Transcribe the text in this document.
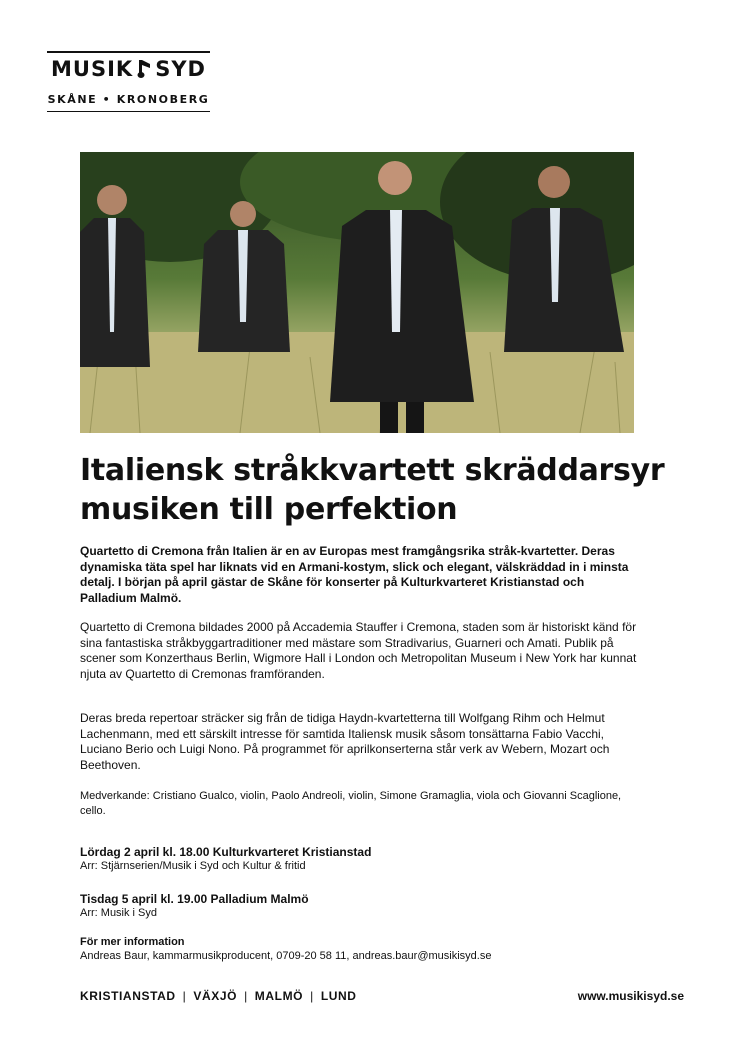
MUSIK SYD
SKÅNE • KRONOBERG
Italiensk stråkkvartett skräddarsyr musiken till perfektion

Quartetto di Cremona från Italien är en av Europas mest framgångsrika stråk-kvartetter. Deras dynamiska täta spel har liknats vid en Armani-kostym, slick och elegant, välskräddad in i minsta detalj. I början på april gästar de Skåne för konserter på Kulturkvarteret Kristianstad och Palladium Malmö.

Quartetto di Cremona bildades 2000 på Accademia Stauffer i Cremona, staden som är historiskt känd för sina fantastiska stråkbyggartraditioner med mästare som Stradivarius, Guarneri och Amati. Publik på scener som Konzerthaus Berlin, Wigmore Hall i London och Metropolitan Museum i New York har kunnat njuta av Quartetto di Cremonas framföranden.

Deras breda repertoar sträcker sig från de tidiga Haydn-kvartetterna till Wolfgang Rihm och Helmut Lachenmann, med ett särskilt intresse för samtida Italiensk musik såsom tonsättarna Fabio Vacchi, Luciano Berio och Luigi Nono. På programmet för aprilkonserterna står verk av Webern, Mozart och Beethoven.

Medverkande: Cristiano Gualco, violin, Paolo Andreoli, violin, Simone Gramaglia, viola och Giovanni Scaglione, cello.

Lördag 2 april kl. 18.00 Kulturkvarteret Kristianstad
Arr: Stjärnserien/Musik i Syd och Kultur & fritid
Tisdag 5 april kl. 19.00 Palladium Malmö
Arr: Musik i Syd
För mer information
Andreas Baur, kammarmusikproducent, 0709-20 58 11, andreas.baur@musikisyd.se
KRISTIANSTAD | VÄXJÖ | MALMÖ | LUND	www.musikisyd.se
